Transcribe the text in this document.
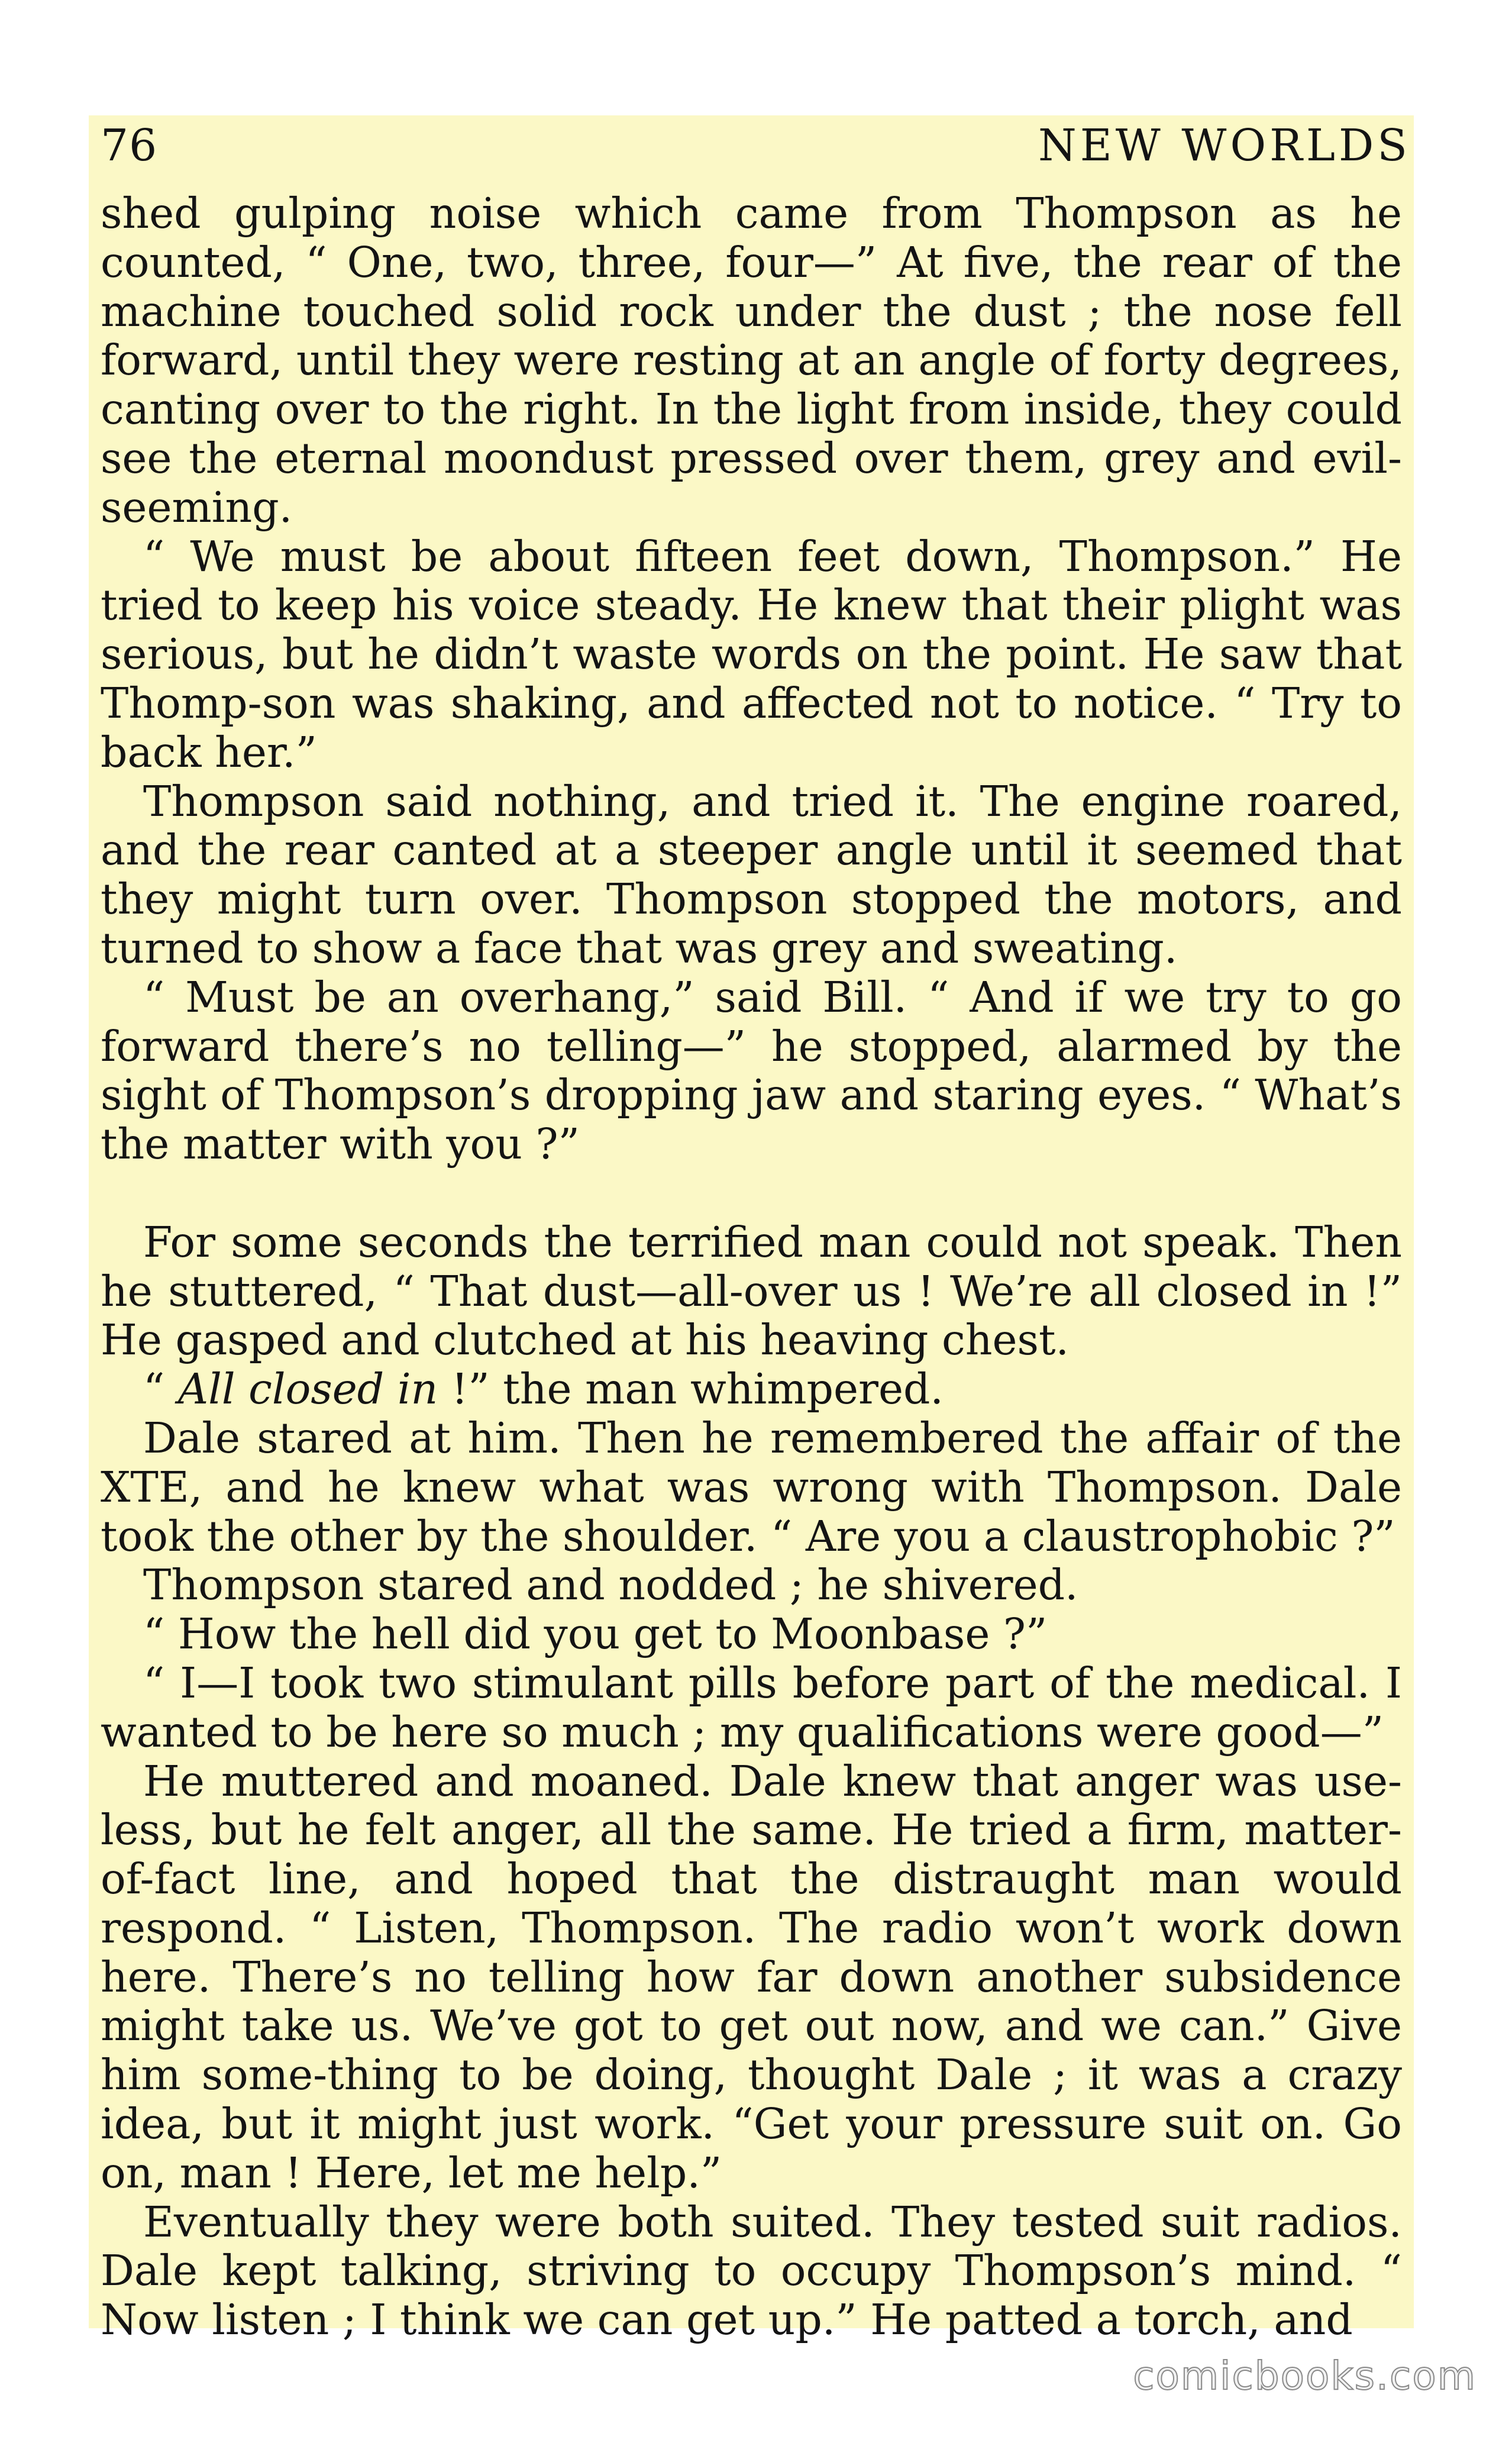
76	NEW WORLDS

shed gulping noise which came from Thompson as he counted, “ One, two, three, four—” At five, the rear of the machine touched solid rock under the dust ; the nose fell forward, until they were resting at an angle of forty degrees, canting over to the right. In the light from inside, they could see the eternal moondust pressed over them, grey and evil-seeming.

“ We must be about fifteen feet down, Thompson.” He tried to keep his voice steady. He knew that their plight was serious, but he didn’t waste words on the point. He saw that Thomp-son was shaking, and affected not to notice. “ Try to back her.”

Thompson said nothing, and tried it. The engine roared, and the rear canted at a steeper angle until it seemed that they might turn over. Thompson stopped the motors, and turned to show a face that was grey and sweating.

“ Must be an overhang,” said Bill. “ And if we try to go forward there’s no telling—” he stopped, alarmed by the sight of Thompson’s dropping jaw and staring eyes. “ What’s the matter with you ?”

For some seconds the terrified man could not speak. Then he stuttered, “ That dust—all-over us ! We’re all closed in !” He gasped and clutched at his heaving chest.

“ All closed in !” the man whimpered.

Dale stared at him. Then he remembered the affair of the XTE, and he knew what was wrong with Thompson. Dale took the other by the shoulder. “ Are you a claustrophobic ?”

Thompson stared and nodded ; he shivered.

“ How the hell did you get to Moonbase ?”

“ I—I took two stimulant pills before part of the medical. I wanted to be here so much ; my qualifications were good—”

He muttered and moaned. Dale knew that anger was use-less, but he felt anger, all the same. He tried a firm, matter-of-fact line, and hoped that the distraught man would respond. “ Listen, Thompson. The radio won’t work down here. There’s no telling how far down another subsidence might take us. We’ve got to get out now, and we can.” Give him some-thing to be doing, thought Dale ; it was a crazy idea, but it might just work. “Get your pressure suit on. Go on, man ! Here, let me help.”

Eventually they were both suited. They tested suit radios. Dale kept talking, striving to occupy Thompson’s mind. “ Now listen ; I think we can get up.” He patted a torch, and

comicbooks.com
